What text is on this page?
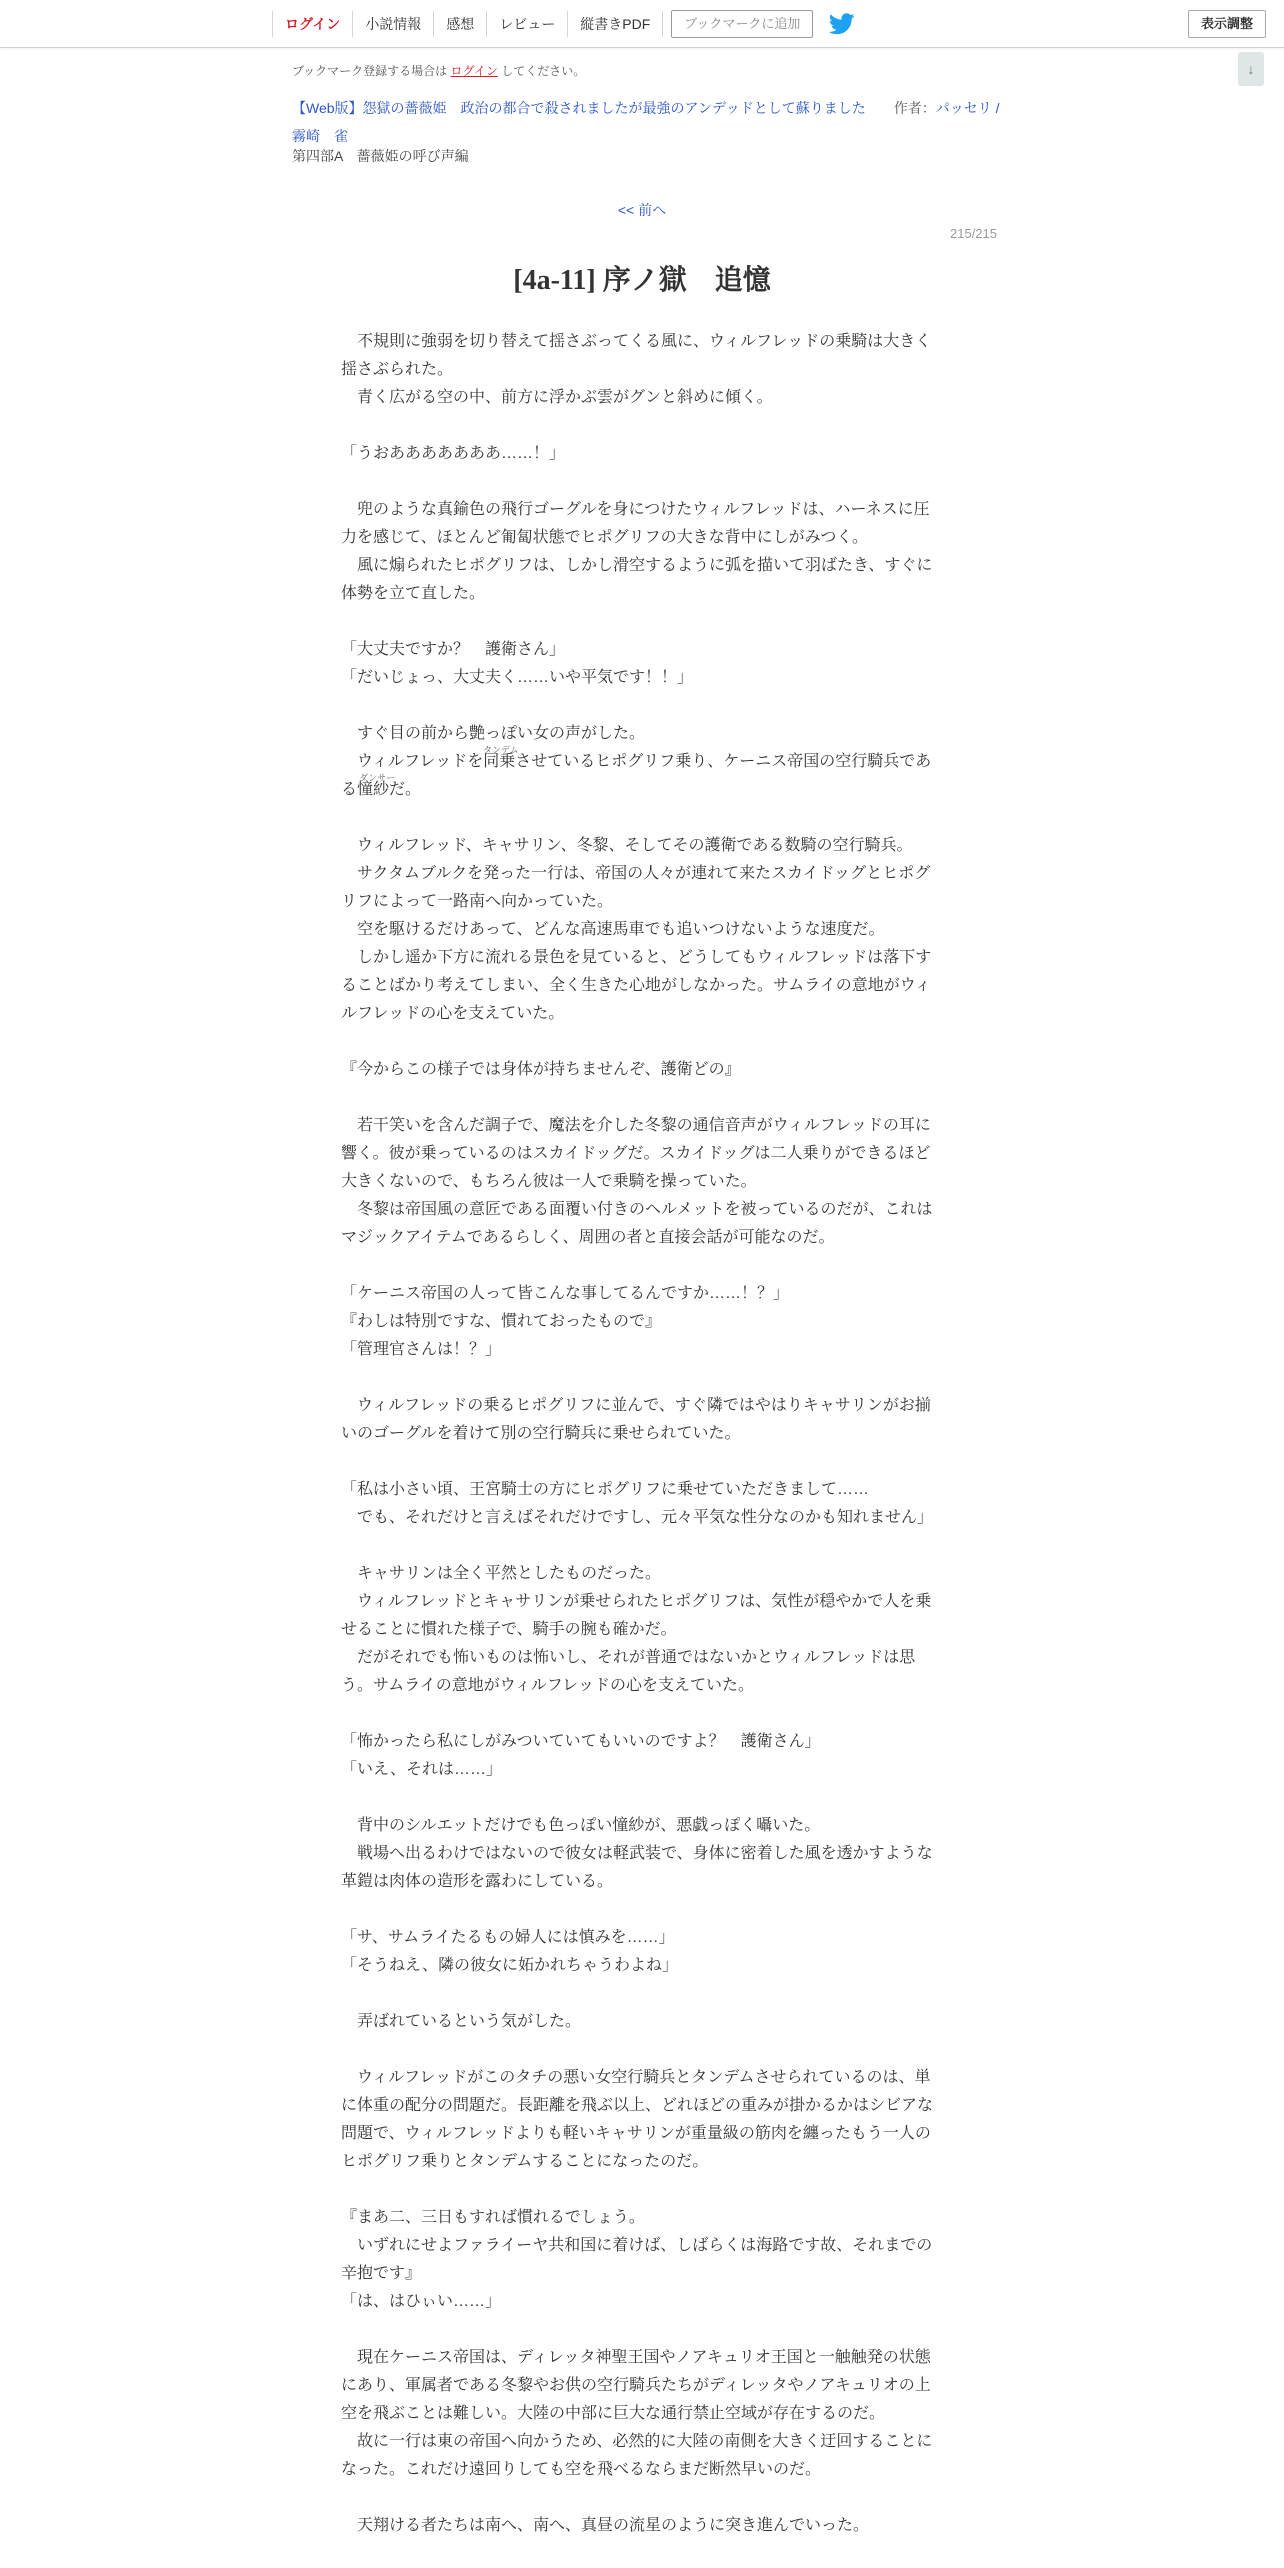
ログイン	小説情報	感想	レビュー	縦書きPDF	ブックマークに追加	表示調整
↓
ブックマーク登録する場合は ログイン してください。
【Web版】怨獄の薔薇姫　政治の都合で殺されましたが最強のアンデッドとして蘇りました　　作者：パッセリ / 霧崎　雀
第四部A　薔薇姫の呼び声編
<< 前へ
215/215
[4a-11] 序ノ獄　追憶
　不規則に強弱を切り替えて揺さぶってくる風に、ウィルフレッドの乗騎は大きく揺さぶられた。
　青く広がる空の中、前方に浮かぶ雲がグンと斜めに傾く。
「うおあああああああ……！」
　兜のような真鍮色の飛行ゴーグルを身につけたウィルフレッドは、ハーネスに圧力を感じて、ほとんど匍匐状態でヒポグリフの大きな背中にしがみつく。
　風に煽られたヒポグリフは、しかし滑空するように弧を描いて羽ばたき、すぐに体勢を立て直した。
「大丈夫ですか？　護衛さん」
「だいじょっ、大丈夫く……いや平気です！！」
　すぐ目の前から艶っぽい女の声がした。
タンデム
ダンサー
　ウィルフレッドを同乗させているヒポグリフ乗り、ケーニス帝国の空行騎兵である憧紗だ。
　ウィルフレッド、キャサリン、冬黎、そしてその護衛である数騎の空行騎兵。
　サクタムブルクを発った一行は、帝国の人々が連れて来たスカイドッグとヒポグリフによって一路南へ向かっていた。
　空を駆けるだけあって、どんな高速馬車でも追いつけないような速度だ。
　しかし遥か下方に流れる景色を見ていると、どうしてもウィルフレッドは落下することばかり考えてしまい、全く生きた心地がしなかった。サムライの意地がウィルフレッドの心を支えていた。
『今からこの様子では身体が持ちませんぞ、護衛どの』
　若干笑いを含んだ調子で、魔法を介した冬黎の通信音声がウィルフレッドの耳に響く。彼が乗っているのはスカイドッグだ。スカイドッグは二人乗りができるほど大きくないので、もちろん彼は一人で乗騎を操っていた。
　冬黎は帝国風の意匠である面覆い付きのヘルメットを被っているのだが、これはマジックアイテムであるらしく、周囲の者と直接会話が可能なのだ。
「ケーニス帝国の人って皆こんな事してるんですか……！？」
『わしは特別ですな、慣れておったもので』
「管理官さんは！？」
　ウィルフレッドの乗るヒポグリフに並んで、すぐ隣ではやはりキャサリンがお揃いのゴーグルを着けて別の空行騎兵に乗せられていた。
「私は小さい頃、王宮騎士の方にヒポグリフに乗せていただきまして……
　でも、それだけと言えばそれだけですし、元々平気な性分なのかも知れません」
　キャサリンは全く平然としたものだった。
　ウィルフレッドとキャサリンが乗せられたヒポグリフは、気性が穏やかで人を乗せることに慣れた様子で、騎手の腕も確かだ。
　だがそれでも怖いものは怖いし、それが普通ではないかとウィルフレッドは思う。サムライの意地がウィルフレッドの心を支えていた。
「怖かったら私にしがみついていてもいいのですよ？　護衛さん」
「いえ、それは……」
　背中のシルエットだけでも色っぽい憧紗が、悪戯っぽく囁いた。
　戦場へ出るわけではないので彼女は軽武装で、身体に密着した風を透かすような革鎧は肉体の造形を露わにしている。
「サ、サムライたるもの婦人には慎みを……」
「そうねえ、隣の彼女に妬かれちゃうわよね」
　弄ばれているという気がした。
　ウィルフレッドがこのタチの悪い女空行騎兵とタンデムさせられているのは、単に体重の配分の問題だ。長距離を飛ぶ以上、どれほどの重みが掛かるかはシビアな問題で、ウィルフレッドよりも軽いキャサリンが重量級の筋肉を纏ったもう一人のヒポグリフ乗りとタンデムすることになったのだ。
『まあ二、三日もすれば慣れるでしょう。
　いずれにせよファライーヤ共和国に着けば、しばらくは海路です故、それまでの辛抱です』
「は、はひぃい……」
　現在ケーニス帝国は、ディレッタ神聖王国やノアキュリオ王国と一触触発の状態にあり、軍属者である冬黎やお供の空行騎兵たちがディレッタやノアキュリオの上空を飛ぶことは難しい。大陸の中部に巨大な通行禁止空域が存在するのだ。
　故に一行は東の帝国へ向かうため、必然的に大陸の南側を大きく迂回することになった。これだけ遠回りしても空を飛べるならまだ断然早いのだ。
　天翔ける者たちは南へ、南へ、真昼の流星のように突き進んでいった。
